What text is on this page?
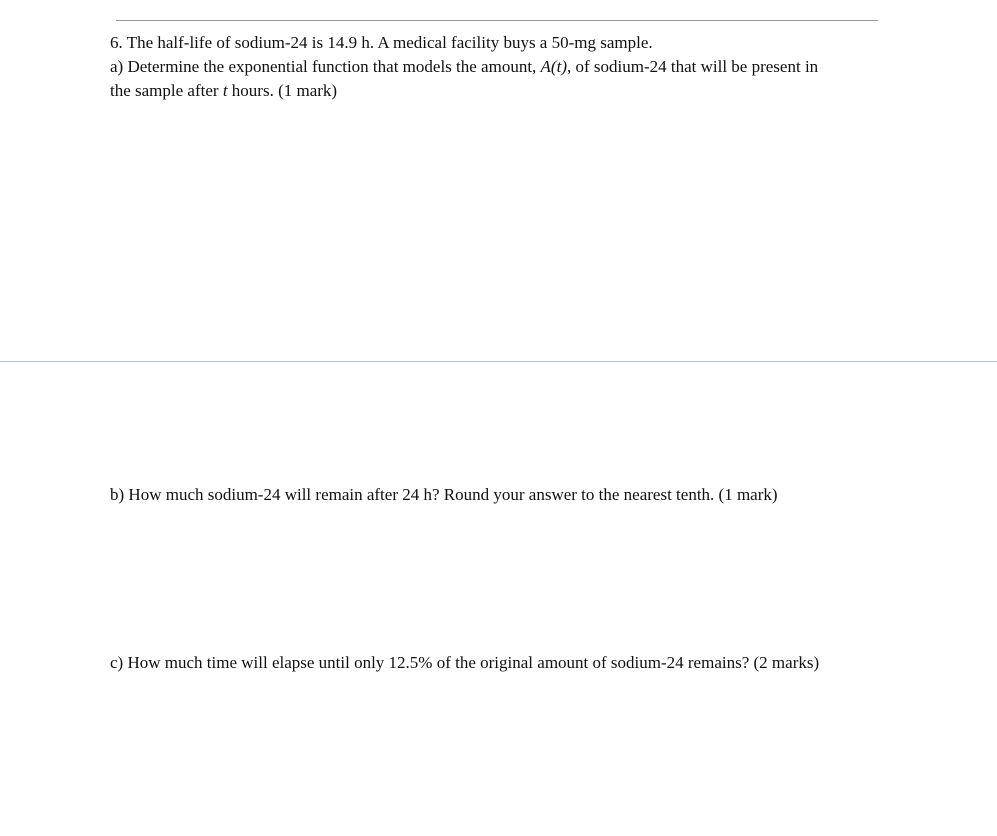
6. The half-life of sodium-24 is 14.9 h. A medical facility buys a 50-mg sample.
a) Determine the exponential function that models the amount, A(t), of sodium-24 that will be present in
the sample after t hours. (1 mark)
b) How much sodium-24 will remain after 24 h? Round your answer to the nearest tenth. (1 mark)
c) How much time will elapse until only 12.5% of the original amount of sodium-24 remains? (2 marks)
